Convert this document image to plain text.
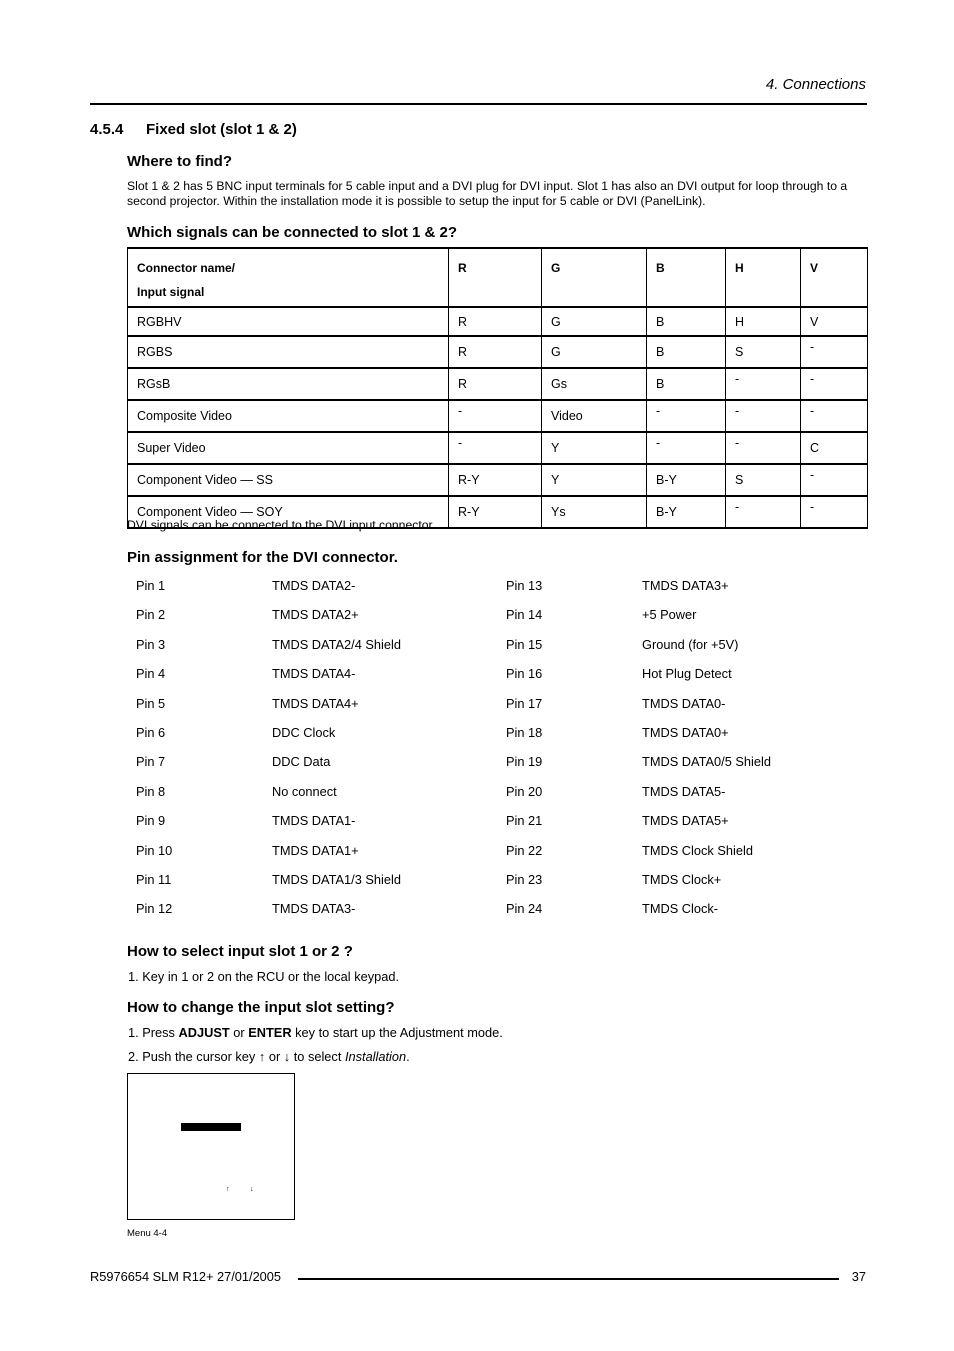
4. Connections
4.5.4 Fixed slot (slot 1 & 2)
Where to find?
Slot 1 & 2 has 5 BNC input terminals for 5 cable input and a DVI plug for DVI input. Slot 1 has also an DVI output for loop through to a second projector. Within the installation mode it is possible to setup the input for 5 cable or DVI (PanelLink).
Which signals can be connected to slot 1 & 2?
Connector name/
Input signal	R	G	B	H	V
RGBHV	R	G	B	H	V
RGBS	R	G	B	S	-
RGsB	R	Gs	B	-	-
Composite Video	-	Video	-	-	-
Super Video	-	Y	-	-	C
Component Video — SS	R-Y	Y	B-Y	S	-
Component Video — SOY	R-Y	Ys	B-Y	-	-
DVI signals can be connected to the DVI input connector.
Pin assignment for the DVI connector.
Pin 1	TMDS DATA2-	Pin 13	TMDS DATA3+
Pin 2	TMDS DATA2+	Pin 14	+5 Power
Pin 3	TMDS DATA2/4 Shield	Pin 15	Ground (for +5V)
Pin 4	TMDS DATA4-	Pin 16	Hot Plug Detect
Pin 5	TMDS DATA4+	Pin 17	TMDS DATA0-
Pin 6	DDC Clock	Pin 18	TMDS DATA0+
Pin 7	DDC Data	Pin 19	TMDS DATA0/5 Shield
Pin 8	No connect	Pin 20	TMDS DATA5-
Pin 9	TMDS DATA1-	Pin 21	TMDS DATA5+
Pin 10	TMDS DATA1+	Pin 22	TMDS Clock Shield
Pin 11	TMDS DATA1/3 Shield	Pin 23	TMDS Clock+
Pin 12	TMDS DATA3-	Pin 24	TMDS Clock-
How to select input slot 1 or 2 ?
1. Key in 1 or 2 on the RCU or the local keypad.
How to change the input slot setting?
1. Press ADJUST or ENTER key to start up the Adjustment mode.
2. Push the cursor key ↑ or ↓ to select Installation.
↑	↓
Menu 4-4
R5976654 SLM R12+ 27/01/2005	37
